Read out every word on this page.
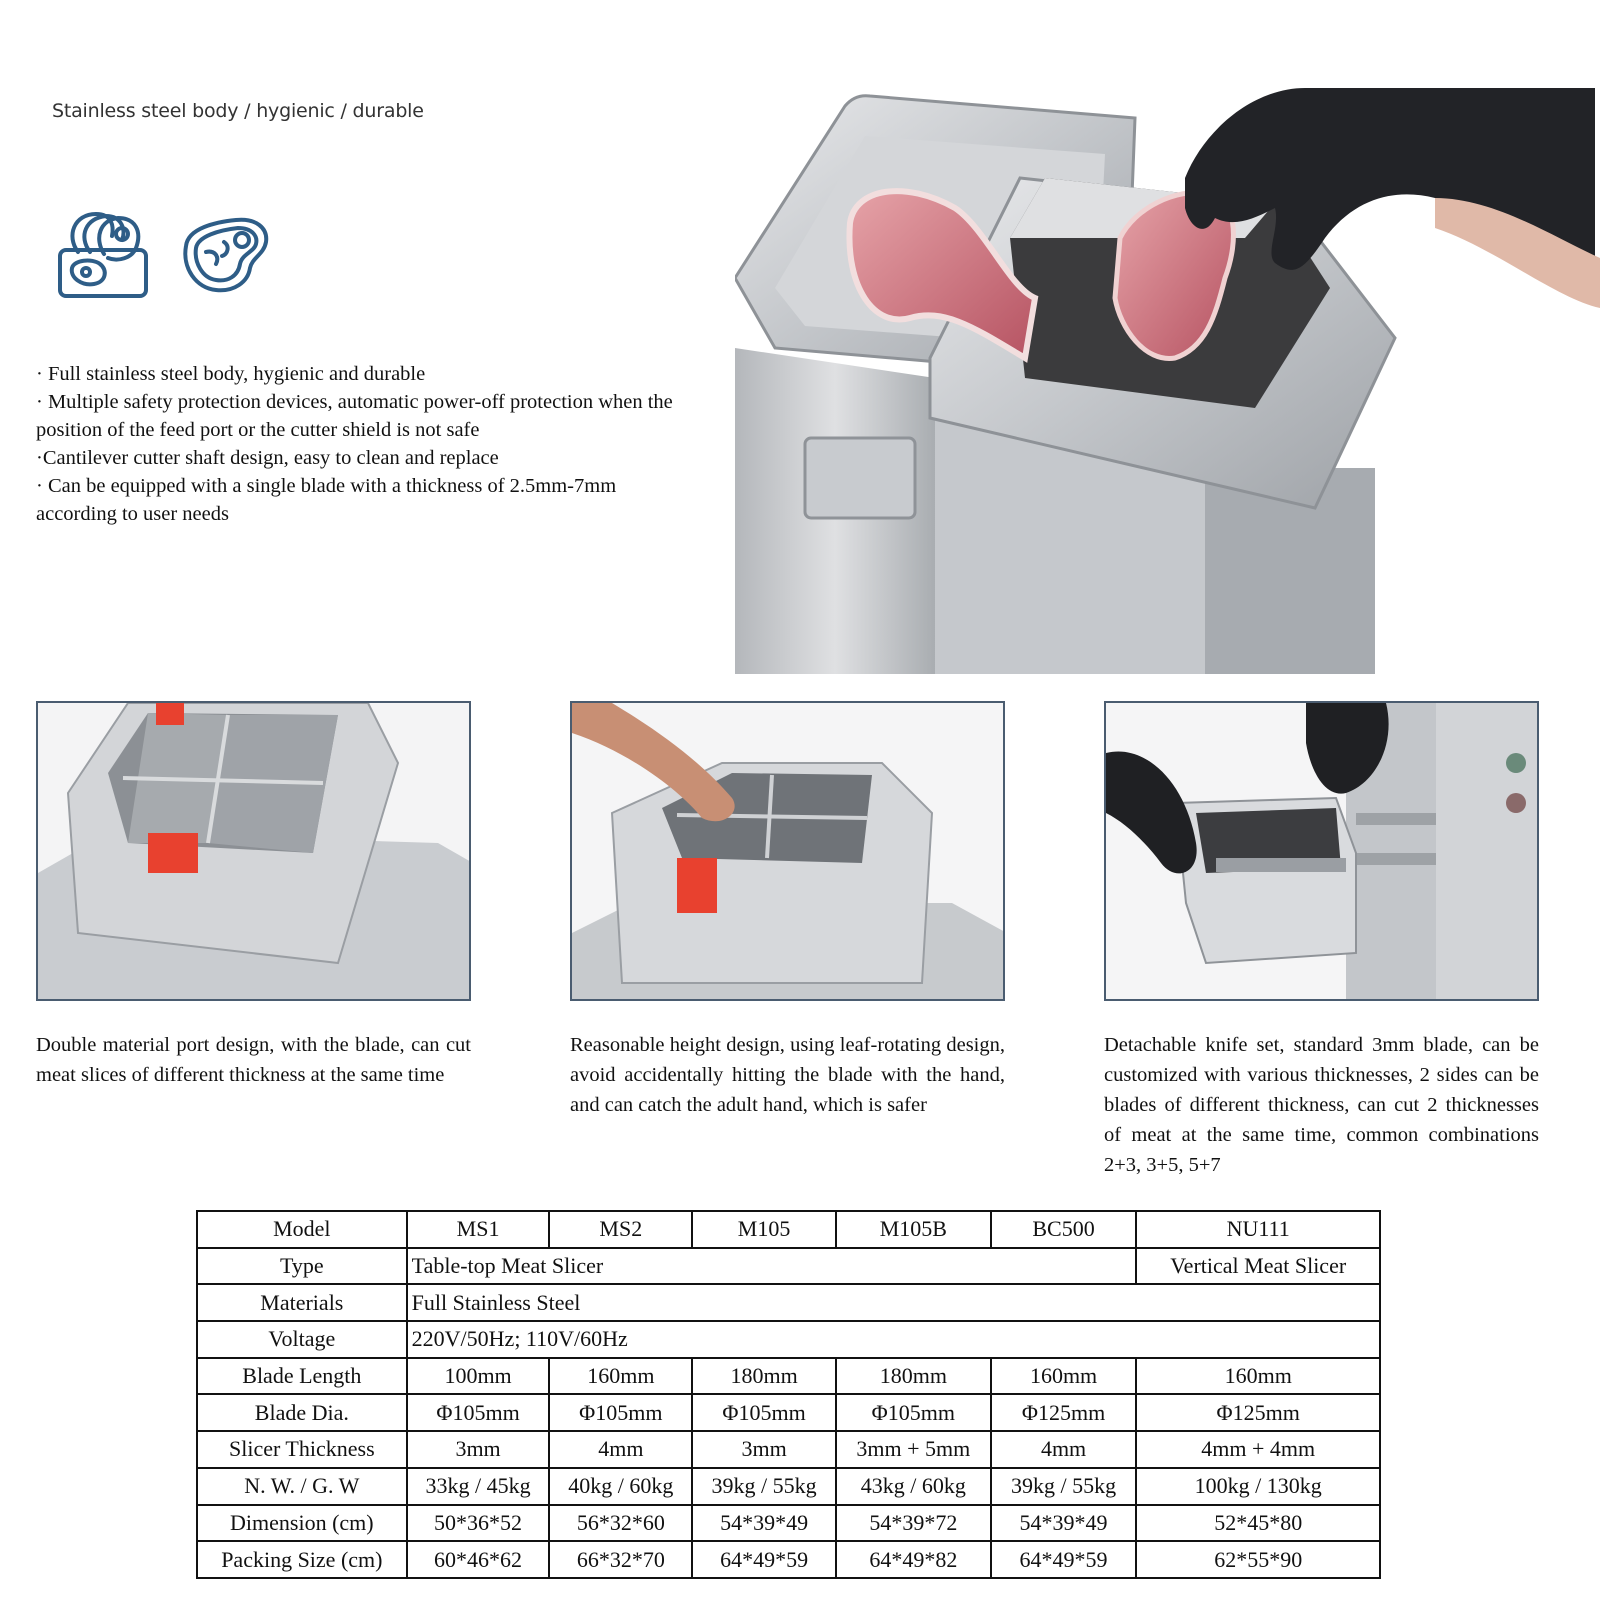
Stainless steel body / hygienic / durable
· Full stainless steel body, hygienic and durable
· Multiple safety protection devices, automatic power-off protection when the position of the feed port or the cutter shield is not safe
·Cantilever cutter shaft design, easy to clean and replace
· Can be equipped with a single blade with a thickness of 2.5mm-7mm according to user needs
Double material port design, with the blade, can cut meat slices of different thickness at the same time
Reasonable height design, using leaf-rotating design, avoid accidentally hitting the blade with the hand, and can catch the adult hand, which is safer
Detachable knife set, standard 3mm blade, can be customized with various thicknesses, 2 sides can be blades of different thickness, can cut 2 thicknesses of meat at the same time, common combinations 2+3, 3+5, 5+7
Model	MS1	MS2	M105	M105B	BC500	NU111
Type	Table-top Meat Slicer					Vertical Meat Slicer
Materials	Full Stainless Steel					
Voltage	220V/50Hz; 110V/60Hz					
Blade Length	100mm	160mm	180mm	180mm	160mm	160mm
Blade Dia.	Φ105mm	Φ105mm	Φ105mm	Φ105mm	Φ125mm	Φ125mm
Slicer Thickness	3mm	4mm	3mm	3mm + 5mm	4mm	4mm + 4mm
N. W. / G. W	33kg / 45kg	40kg / 60kg	39kg / 55kg	43kg / 60kg	39kg / 55kg	100kg / 130kg
Dimension (cm)	50*36*52	56*32*60	54*39*49	54*39*72	54*39*49	52*45*80
Packing Size (cm)	60*46*62	66*32*70	64*49*59	64*49*82	64*49*59	62*55*90
